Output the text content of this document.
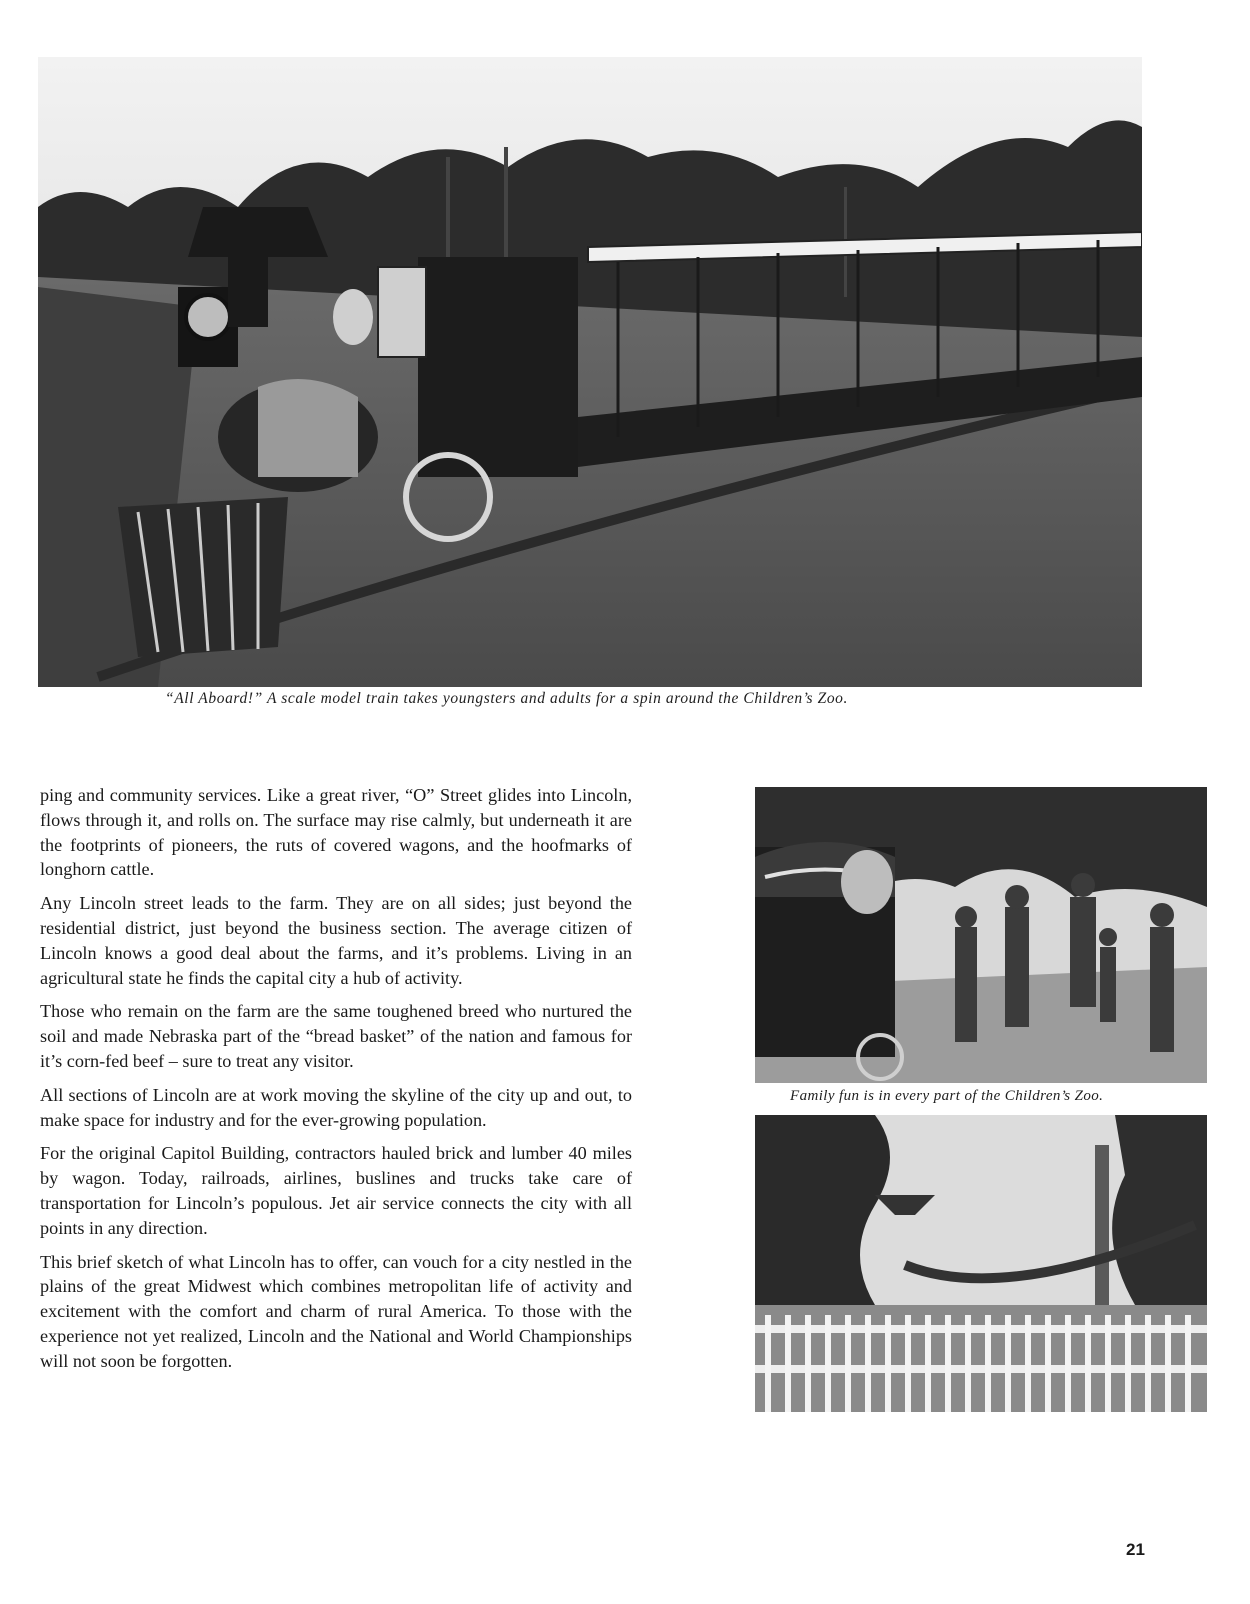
“All Aboard!” A scale model train takes youngsters and adults for a spin around the Children’s Zoo.

ping and community services. Like a great river, “O” Street glides into Lincoln, flows through it, and rolls on. The surface may rise calmly, but underneath it are the footprints of pioneers, the ruts of covered wagons, and the hoofmarks of longhorn cattle.

Any Lincoln street leads to the farm. They are on all sides; just beyond the residential district, just beyond the business section. The average citizen of Lincoln knows a good deal about the farms, and it’s problems. Living in an agricultural state he finds the capital city a hub of activity.

Those who remain on the farm are the same toughened breed who nurtured the soil and made Nebraska part of the “bread basket” of the nation and famous for it’s corn-fed beef – sure to treat any visitor.

All sections of Lincoln are at work moving the skyline of the city up and out, to make space for industry and for the ever-growing population.

For the original Capitol Building, contractors hauled brick and lumber 40 miles by wagon. Today, railroads, airlines, buslines and trucks take care of transportation for Lincoln’s populous. Jet air service connects the city with all points in any direction.

This brief sketch of what Lincoln has to offer, can vouch for a city nestled in the plains of the great Midwest which combines metropolitan life of activity and excitement with the comfort and charm of rural America. To those with the experience not yet realized, Lincoln and the National and World Championships will not soon be forgotten.

Family fun is in every part of the Children’s Zoo.
21
